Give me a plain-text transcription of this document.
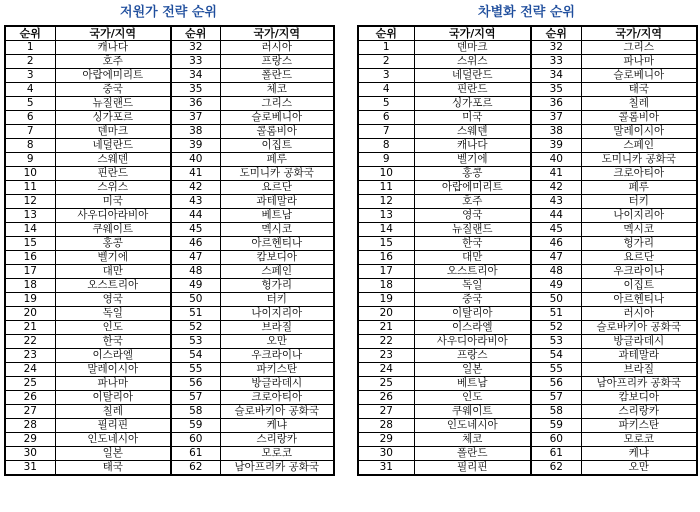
저원가 전략 순위
순위	국가/지역	순위	국가/지역
1	캐나다	32	러시아
2	호주	33	프랑스
3	아랍에미리트	34	폴란드
4	중국	35	체코
5	뉴질랜드	36	그리스
6	싱가포르	37	슬로베니아
7	덴마크	38	콜롬비아
8	네덜란드	39	이집트
9	스웨덴	40	페루
10	핀란드	41	도미니카 공화국
11	스위스	42	요르단
12	미국	43	과테말라
13	사우디아라비아	44	베트남
14	쿠웨이트	45	멕시코
15	홍콩	46	아르헨티나
16	벨기에	47	캄보디아
17	대만	48	스페인
18	오스트리아	49	헝가리
19	영국	50	터키
20	독일	51	나이지리아
21	인도	52	브라질
22	한국	53	오만
23	이스라엘	54	우크라이나
24	말레이시아	55	파키스탄
25	파나마	56	방글라데시
26	이탈리아	57	크로아티아
27	칠레	58	슬로바키아 공화국
28	필리핀	59	케냐
29	인도네시아	60	스리랑카
30	일본	61	모로코
31	태국	62	남아프리카 공화국
차별화 전략 순위
순위	국가/지역	순위	국가/지역
1	덴마크	32	그리스
2	스위스	33	파나마
3	네덜란드	34	슬로베니아
4	핀란드	35	태국
5	싱가포르	36	칠레
6	미국	37	콜롬비아
7	스웨덴	38	말레이시아
8	캐나다	39	스페인
9	벨기에	40	도미니카 공화국
10	홍콩	41	크로아티아
11	아랍에미리트	42	페루
12	호주	43	터키
13	영국	44	나이지리아
14	뉴질랜드	45	멕시코
15	한국	46	헝가리
16	대만	47	요르단
17	오스트리아	48	우크라이나
18	독일	49	이집트
19	중국	50	아르헨티나
20	이탈리아	51	러시아
21	이스라엘	52	슬로바키아 공화국
22	사우디아라비아	53	방글라데시
23	프랑스	54	과테말라
24	일본	55	브라질
25	베트남	56	남아프리카 공화국
26	인도	57	캄보디아
27	쿠웨이트	58	스리랑카
28	인도네시아	59	파키스탄
29	체코	60	모로코
30	폴란드	61	케냐
31	필리핀	62	오만
